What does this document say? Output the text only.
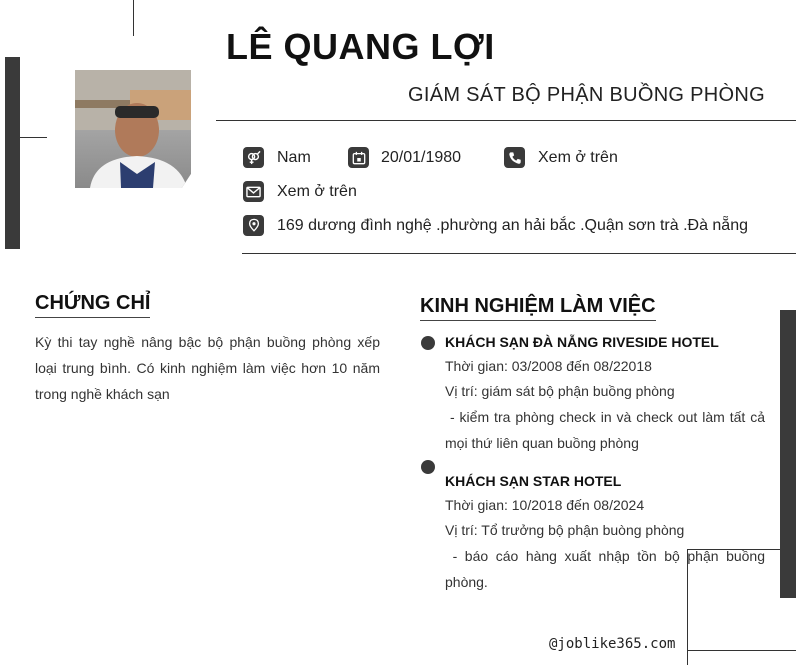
LÊ QUANG LỢI
GIÁM SÁT BỘ PHẬN BUỒNG PHÒNG
Nam	20/01/1980	Xem ở trên
Xem ở trên
169 dương đình nghệ .phường an hải bắc .Quận sơn trà .Đà nẵng
CHỨNG CHỈ
Kỳ thi tay nghề nâng bậc bộ phận buồng phòng xếp loại trung bình. Có kinh nghiệm làm việc hơn 10 năm trong nghề khách sạn
KINH NGHIỆM LÀM VIỆC
KHÁCH SẠN ĐÀ NẴNG RIVESIDE HOTEL
Thời gian: 03/2008 đến 08/22018
Vị trí: giám sát bộ phận buồng phòng
- kiểm tra phòng check in và check out làm tất cả mọi thứ liên quan buồng phòng
KHÁCH SẠN STAR HOTEL
Thời gian: 10/2018 đến 08/2024
Vị trí: Tổ trưởng bộ phận buòng phòng
- báo cáo hàng xuất nhập tồn bộ phận buồng phòng.
@joblike365.com
